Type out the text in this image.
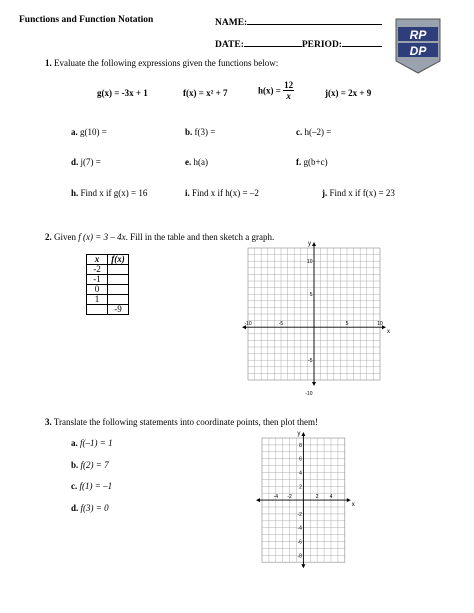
Functions and Function Notation	NAME:
DATE:	PERIOD:
RP
DP
1. Evaluate the following expressions given the functions below:
g(x) = -3x + 1	f(x) = x² + 7	$h(x) = \frac{12}{x}$	j(x) = 2x + 9
a. g(10) =	b. f(3) =	c. h(–2) =
d. j(7) =	e. h(a)	f. g(b+c)
h. Find x if g(x) = 16	i. Find x if h(x) = –2	j. Find x if f(x) = 23
2. Given f (x) = 3 – 4x. Fill in the table and then sketch a graph.
x	f(x)
-2	
-1	
0	
1	
	-9
x
y
-10	-5	5	10
10
5
-5
-10
3. Translate the following statements into coordinate points, then plot them!
a. f(–1) = 1
b. f(2) = 7
c. f(1) = –1
d. f(3) = 0	x
y
-4 -2	2 4
8
6
4
2
-2
-4
-6
-8
